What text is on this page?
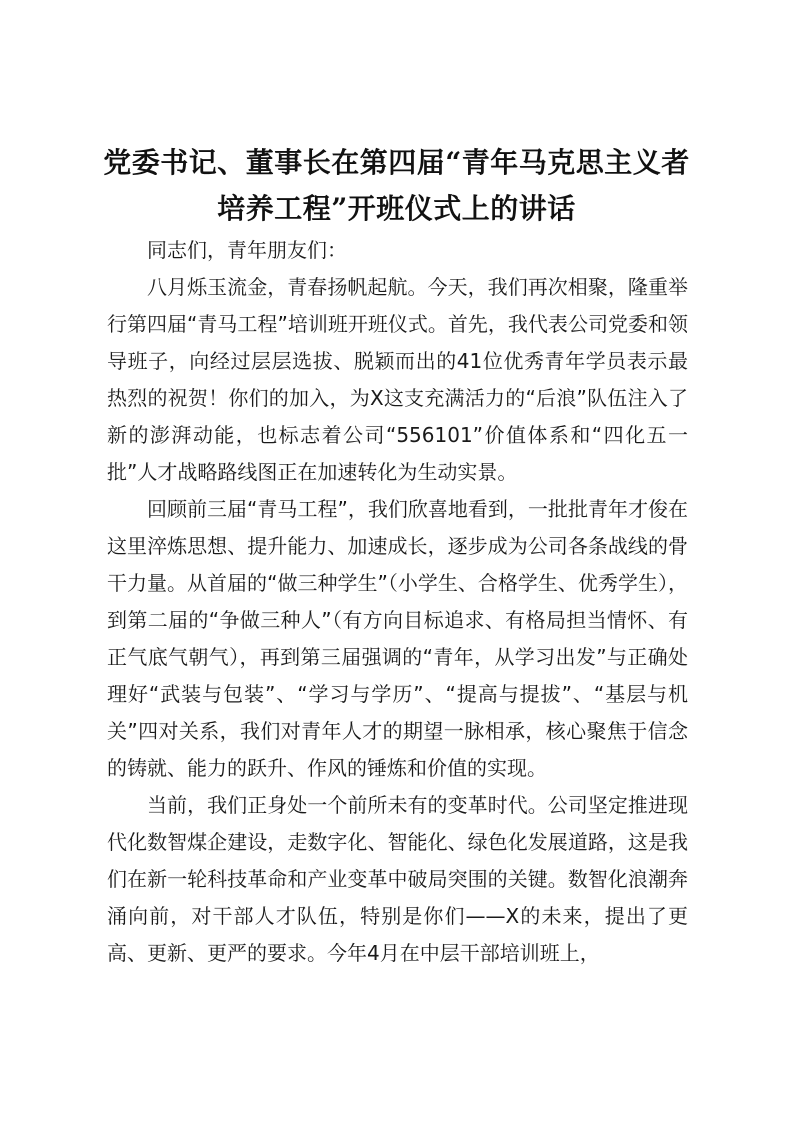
党委书记、董事长在第四届“青年马克思主义者培养工程”开班仪式上的讲话

同志们，青年朋友们：

八月烁玉流金，青春扬帆起航。今天，我们再次相聚，隆重举行第四届“青马工程”培训班开班仪式。首先，我代表公司党委和领导班子，向经过层层选拔、脱颖而出的41位优秀青年学员表示最热烈的祝贺！你们的加入，为X这支充满活力的“后浪”队伍注入了新的澎湃动能，也标志着公司“556101”价值体系和“四化五一批”人才战略路线图正在加速转化为生动实景。

回顾前三届“青马工程”，我们欣喜地看到，一批批青年才俊在这里淬炼思想、提升能力、加速成长，逐步成为公司各条战线的骨干力量。从首届的“做三种学生”（小学生、合格学生、优秀学生），到第二届的“争做三种人”（有方向目标追求、有格局担当情怀、有正气底气朝气），再到第三届强调的“青年，从学习出发”与正确处理好“武装与包装”、“学习与学历”、“提高与提拔”、“基层与机关”四对关系，我们对青年人才的期望一脉相承，核心聚焦于信念的铸就、能力的跃升、作风的锤炼和价值的实现。

当前，我们正身处一个前所未有的变革时代。公司坚定推进现代化数智煤企建设，走数字化、智能化、绿色化发展道路，这是我们在新一轮科技革命和产业变革中破局突围的关键。数智化浪潮奔涌向前，对干部人才队伍，特别是你们——X的未来，提出了更高、更新、更严的要求。今年4月在中层干部培训班上，
